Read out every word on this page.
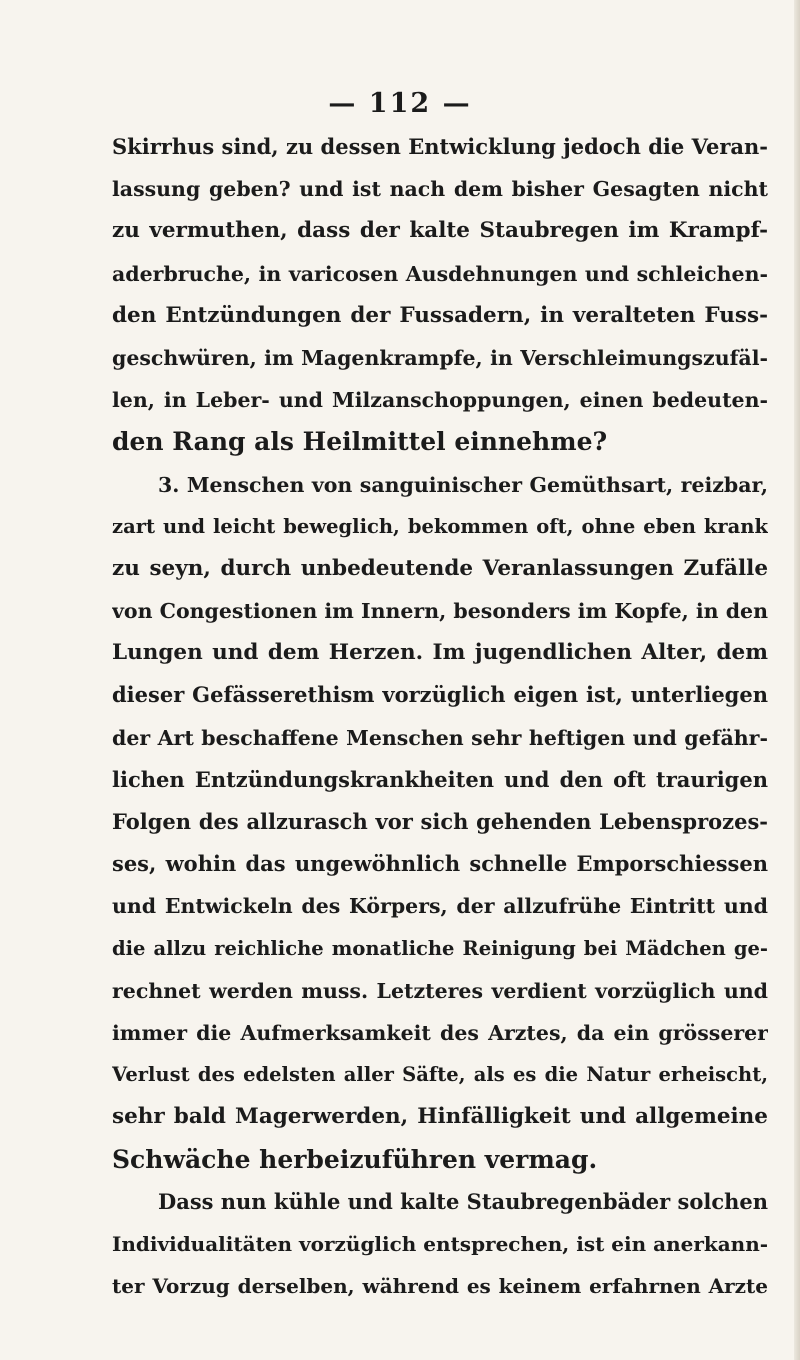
— 112 —
Skirrhus sind, zu dessen Entwicklung jedoch die Veran-
lassung geben? und ist nach dem bisher Gesagten nicht
zu vermuthen, dass der kalte Staubregen im Krampf-
aderbruche, in varicosen Ausdehnungen und schleichen-
den Entzündungen der Fussadern, in veralteten Fuss-
geschwüren, im Magenkrampfe, in Verschleimungszufäl-
len, in Leber- und Milzanschoppungen, einen bedeuten-
den Rang als Heilmittel einnehme?
3. Menschen von sanguinischer Gemüthsart, reizbar,
zart und leicht beweglich, bekommen oft, ohne eben krank
zu seyn, durch unbedeutende Veranlassungen Zufälle
von Congestionen im Innern, besonders im Kopfe, in den
Lungen und dem Herzen. Im jugendlichen Alter, dem
dieser Gefässerethism vorzüglich eigen ist, unterliegen
der Art beschaffene Menschen sehr heftigen und gefähr-
lichen Entzündungskrankheiten und den oft traurigen
Folgen des allzurasch vor sich gehenden Lebensprozes-
ses, wohin das ungewöhnlich schnelle Emporschiessen
und Entwickeln des Körpers, der allzufrühe Eintritt und
die allzu reichliche monatliche Reinigung bei Mädchen ge-
rechnet werden muss. Letzteres verdient vorzüglich und
immer die Aufmerksamkeit des Arztes, da ein grösserer
Verlust des edelsten aller Säfte, als es die Natur erheischt,
sehr bald Magerwerden, Hinfälligkeit und allgemeine
Schwäche herbeizuführen vermag.
Dass nun kühle und kalte Staubregenbäder solchen
Individualitäten vorzüglich entsprechen, ist ein anerkann-
ter Vorzug derselben, während es keinem erfahrnen Arzte
